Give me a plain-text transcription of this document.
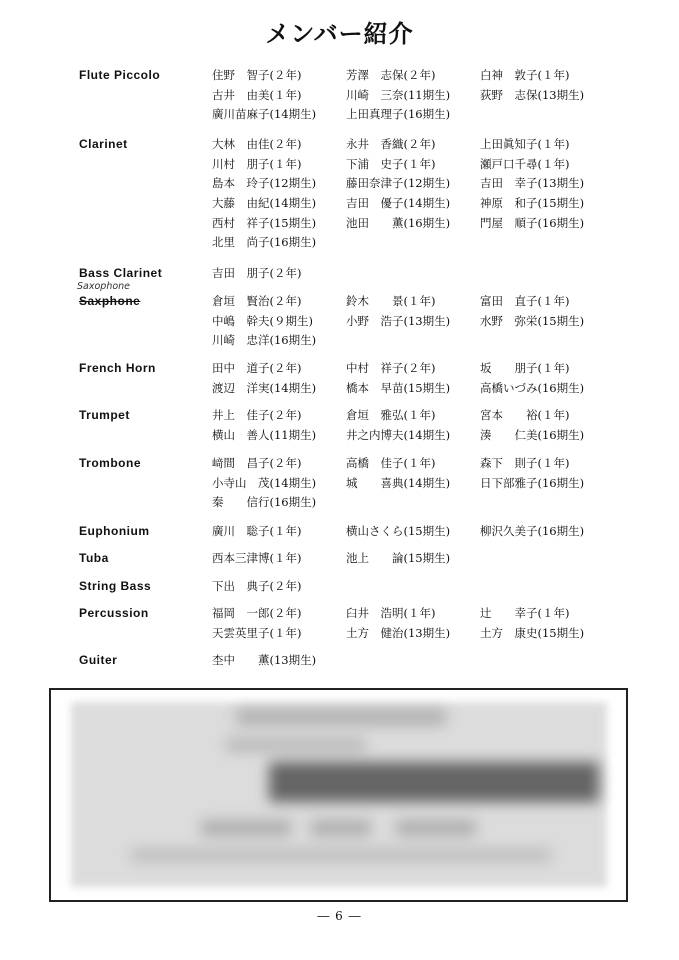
メンバー紹介
Flute Piccolo	住野　智子(２年)	芳澤　志保(２年)	白神　敦子(１年)
古井　由美(１年)	川崎　三奈(11期生)	荻野　志保(13期生)
廣川苗麻子(14期生)	上田真理子(16期生)
Clarinet	大林　由佳(２年)	永井　香織(２年)	上田眞知子(１年)
川村　朋子(１年)	下浦　史子(１年)	瀬戸口千尋(１年)
島本　玲子(12期生)	藤田奈津子(12期生)	吉田　幸子(13期生)
大藤　由紀(14期生)	吉田　優子(14期生)	神原　和子(15期生)
西村　祥子(15期生)	池田　　薫(16期生)	門屋　順子(16期生)
北里　尚子(16期生)
Bass Clarinet	吉田　朋子(２年)
Saxophone
Saxphone	倉垣　賢治(２年)	鈴木　　景(１年)	富田　直子(１年)
中嶋　幹夫(９期生)	小野　浩子(13期生)	水野　弥栄(15期生)
川崎　忠洋(16期生)
French Horn	田中　道子(２年)	中村　祥子(２年)	坂　　朋子(１年)
渡辺　洋実(14期生)	橋本　早苗(15期生)	高橋いづみ(16期生)
Trumpet	井上　佳子(２年)	倉垣　雅弘(１年)	宮本　　裕(１年)
横山　善人(11期生)	井之内博夫(14期生)	湊　　仁美(16期生)
Trombone	﨑間　昌子(２年)	高橋　佳子(１年)	森下　則子(１年)
小寺山　茂(14期生)	城　　喜典(14期生)	日下部雅子(16期生)
秦　　信行(16期生)
Euphonium	廣川　聡子(１年)	横山さくら(15期生)	柳沢久美子(16期生)
Tuba	西本三津博(１年)	池上　　論(15期生)
String Bass	下出　典子(２年)
Percussion	福岡　一郎(２年)	臼井　浩明(１年)	辻　　幸子(１年)
天雲英里子(１年)	土方　健治(13期生)	土方　康史(15期生)
Guiter	杢中　　薫(13期生)
― 6 ―
